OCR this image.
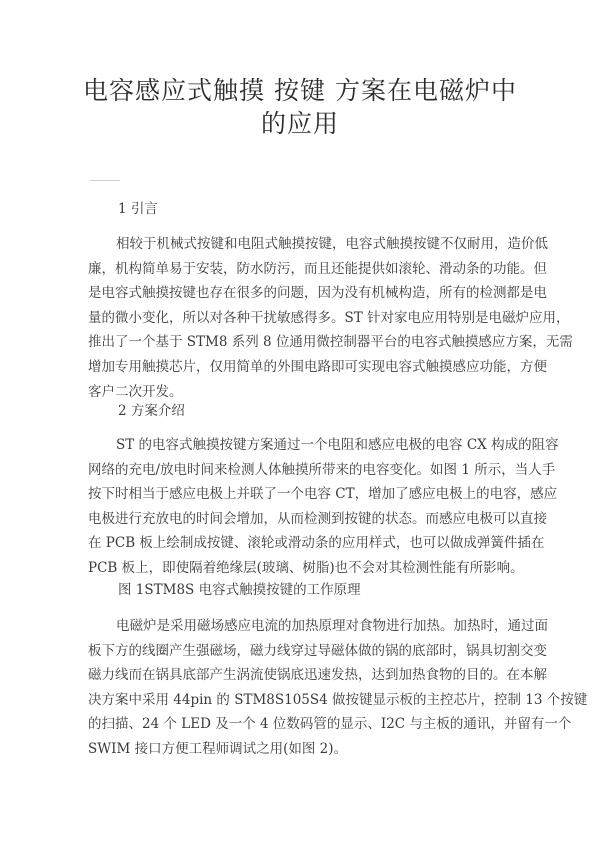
电容感应式触摸 按键 方案在电磁炉中
的应用
1 引言
相较于机械式按键和电阻式触摸按键，电容式触摸按键不仅耐用，造价低
廉，机构简单易于安装，防水防污，而且还能提供如滚轮、滑动条的功能。但
是电容式触摸按键也存在很多的问题，因为没有机械构造，所有的检测都是电
量的微小变化，所以对各种干扰敏感得多。ST 针对家电应用特别是电磁炉应用，
推出了一个基于 STM8 系列 8 位通用微控制器平台的电容式触摸感应方案，无需
增加专用触摸芯片，仅用简单的外围电路即可实现电容式触摸感应功能，方便
客户二次开发。
2 方案介绍
ST 的电容式触摸按键方案通过一个电阻和感应电极的电容 CX 构成的阻容
网络的充电/放电时间来检测人体触摸所带来的电容变化。如图 1 所示，当人手
按下时相当于感应电极上并联了一个电容 CT，增加了感应电极上的电容，感应
电极进行充放电的时间会增加，从而检测到按键的状态。而感应电极可以直接
在 PCB 板上绘制成按键、滚轮或滑动条的应用样式，也可以做成弹簧件插在
PCB 板上，即使隔着绝缘层(玻璃、树脂)也不会对其检测性能有所影响。
图 1STM8S 电容式触摸按键的工作原理
电磁炉是采用磁场感应电流的加热原理对食物进行加热。加热时，通过面
板下方的线圈产生强磁场，磁力线穿过导磁体做的锅的底部时，锅具切割交变
磁力线而在锅具底部产生涡流使锅底迅速发热，达到加热食物的目的。在本解
决方案中采用 44pin 的 STM8S105S4 做按键显示板的主控芯片，控制 13 个按键
的扫描、24 个 LED 及一个 4 位数码管的显示、I2C 与主板的通讯，并留有一个
SWIM 接口方便工程师调试之用(如图 2)。
